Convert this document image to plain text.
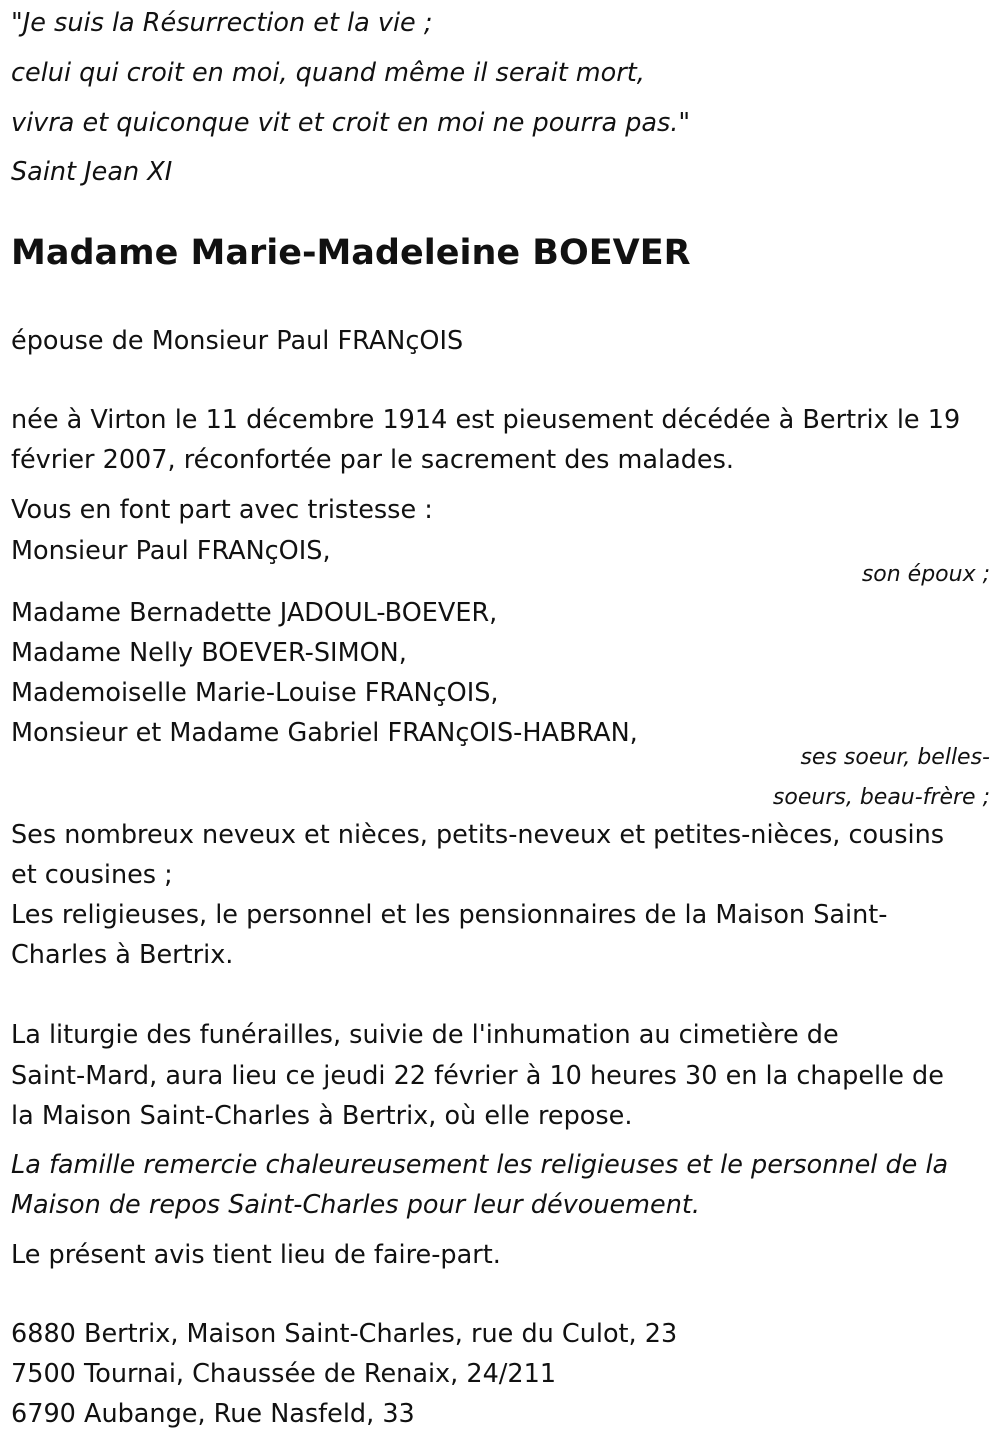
"Je suis la Résurrection et la vie ;

celui qui croit en moi, quand même il serait mort,

vivra et quiconque vit et croit en moi ne pourra pas."

Saint Jean XI

Madame Marie-Madeleine BOEVER

épouse de Monsieur Paul FRANçOIS

née à Virton le 11 décembre 1914 est pieusement décédée à Bertrix le 19

février 2007, réconfortée par le sacrement des malades.

Vous en font part avec tristesse :

Monsieur Paul FRANçOIS,

son époux ;

Madame Bernadette JADOUL-BOEVER,

Madame Nelly BOEVER-SIMON,

Mademoiselle Marie-Louise FRANçOIS,

Monsieur et Madame Gabriel FRANçOIS-HABRAN,

ses soeur, belles-

soeurs, beau-frère ;

Ses nombreux neveux et nièces, petits-neveux et petites-nièces, cousins

et cousines ;

Les religieuses, le personnel et les pensionnaires de la Maison Saint-

Charles à Bertrix.

La liturgie des funérailles, suivie de l'inhumation au cimetière de

Saint-Mard, aura lieu ce jeudi 22 février à 10 heures 30 en la chapelle de

la Maison Saint-Charles à Bertrix, où elle repose.

La famille remercie chaleureusement les religieuses et le personnel de la

Maison de repos Saint-Charles pour leur dévouement.

Le présent avis tient lieu de faire-part.

6880 Bertrix, Maison Saint-Charles, rue du Culot, 23

7500 Tournai, Chaussée de Renaix, 24/211

6790 Aubange, Rue Nasfeld, 33
